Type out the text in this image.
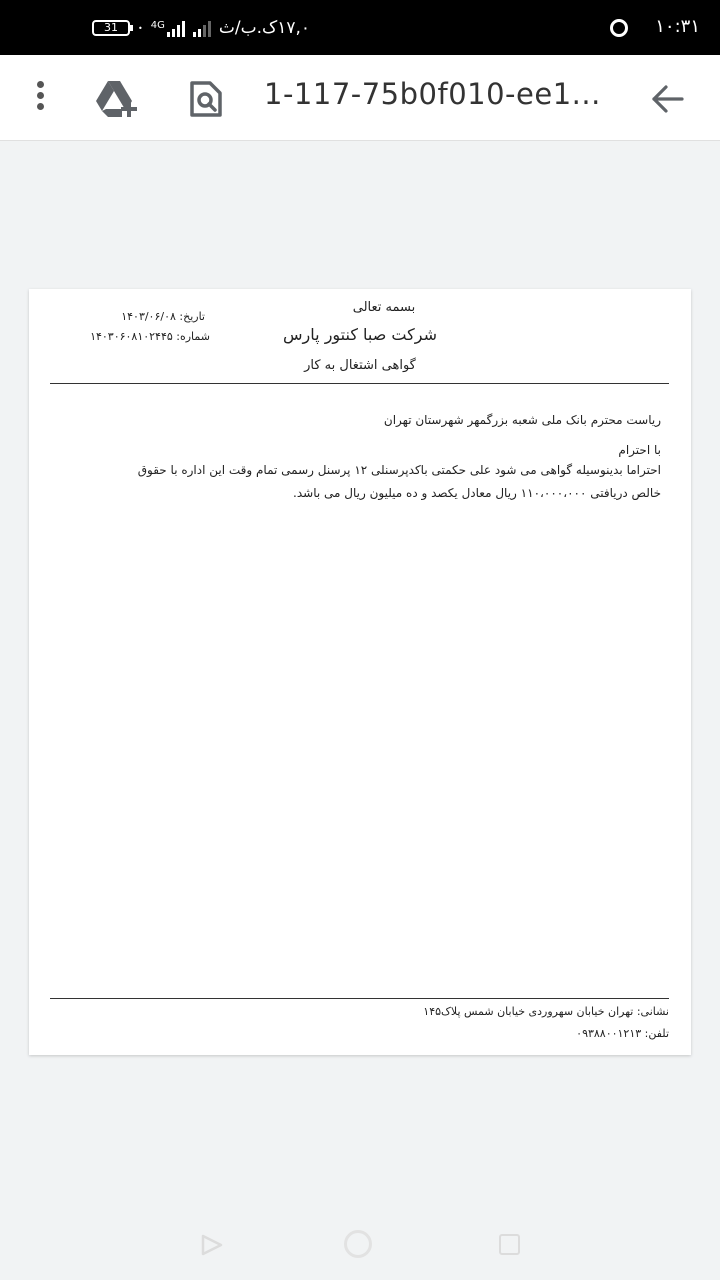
31	• 4G	۱۷,۰ک.ب/ث	۱۰:۳۱
1-117-75b0f010-ee1...
بسمه تعالی
شرکت صبا کنتور پارس
گواهی اشتغال به کار
تاریخ: ۱۴۰۳/۰۶/۰۸
شماره: ۱۴۰۳۰۶۰۸۱۰۲۴۴۵
ریاست محترم بانک ملی شعبه بزرگمهر شهرستان تهران
با احترام
احتراما بدینوسیله گواهی می شود علی حکمتی باکدپرسنلی ۱۲ پرسنل رسمی تمام وقت این اداره با حقوق
خالص دریافتی ۱۱۰،۰۰۰،۰۰۰ ریال معادل یکصد و ده میلیون ریال می باشد.
نشانی: تهران خیابان سهروردی خیابان شمس پلاک۱۴۵
تلفن: ۰۹۳۸۸۰۰۱۲۱۳
